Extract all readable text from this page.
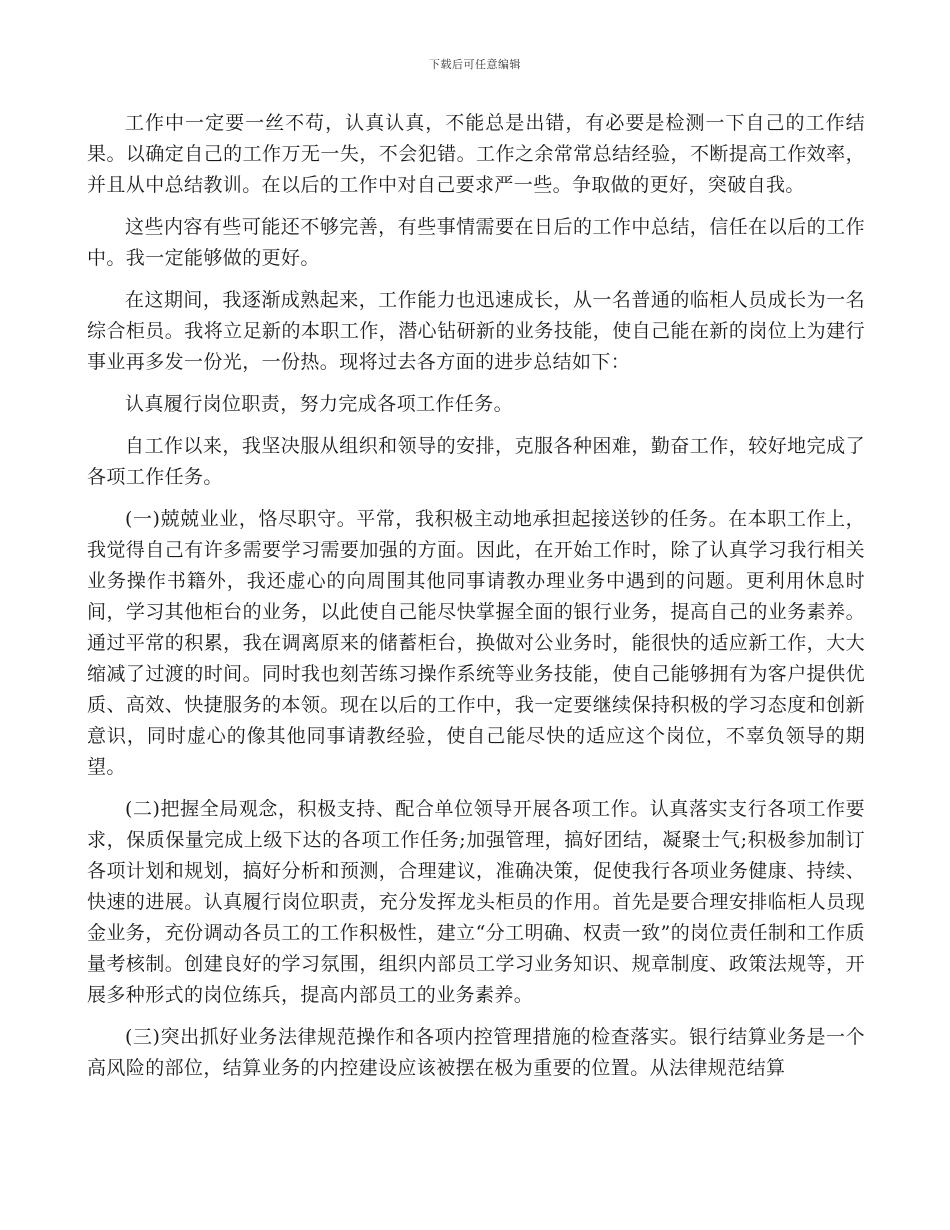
下载后可任意编辑

工作中一定要一丝不苟，认真认真，不能总是出错，有必要是检测一下自己的工作结果。以确定自己的工作万无一失，不会犯错。工作之余常常总结经验，不断提高工作效率，并且从中总结教训。在以后的工作中对自己要求严一些。争取做的更好，突破自我。

这些内容有些可能还不够完善，有些事情需要在日后的工作中总结，信任在以后的工作中。我一定能够做的更好。

在这期间，我逐渐成熟起来，工作能力也迅速成长，从一名普通的临柜人员成长为一名综合柜员。我将立足新的本职工作，潜心钻研新的业务技能，使自己能在新的岗位上为建行事业再多发一份光，一份热。现将过去各方面的进步总结如下：

认真履行岗位职责，努力完成各项工作任务。

自工作以来，我坚决服从组织和领导的安排，克服各种困难，勤奋工作，较好地完成了各项工作任务。

(一)兢兢业业，恪尽职守。平常，我积极主动地承担起接送钞的任务。在本职工作上，我觉得自己有许多需要学习需要加强的方面。因此，在开始工作时，除了认真学习我行相关业务操作书籍外，我还虚心的向周围其他同事请教办理业务中遇到的问题。更利用休息时间，学习其他柜台的业务，以此使自己能尽快掌握全面的银行业务，提高自己的业务素养。通过平常的积累，我在调离原来的储蓄柜台，换做对公业务时，能很快的适应新工作，大大缩减了过渡的时间。同时我也刻苦练习操作系统等业务技能，使自己能够拥有为客户提供优质、高效、快捷服务的本领。现在以后的工作中，我一定要继续保持积极的学习态度和创新意识，同时虚心的像其他同事请教经验，使自己能尽快的适应这个岗位，不辜负领导的期望。

(二)把握全局观念，积极支持、配合单位领导开展各项工作。认真落实支行各项工作要求，保质保量完成上级下达的各项工作任务;加强管理，搞好团结，凝聚士气;积极参加制订各项计划和规划，搞好分析和预测，合理建议，准确决策，促使我行各项业务健康、持续、快速的进展。认真履行岗位职责，充分发挥龙头柜员的作用。首先是要合理安排临柜人员现金业务，充份调动各员工的工作积极性，建立“分工明确、权责一致”的岗位责任制和工作质量考核制。创建良好的学习氛围，组织内部员工学习业务知识、规章制度、政策法规等，开展多种形式的岗位练兵，提高内部员工的业务素养。

(三)突出抓好业务法律规范操作和各项内控管理措施的检查落实。银行结算业务是一个高风险的部位，结算业务的内控建设应该被摆在极为重要的位置。从法律规范结算
